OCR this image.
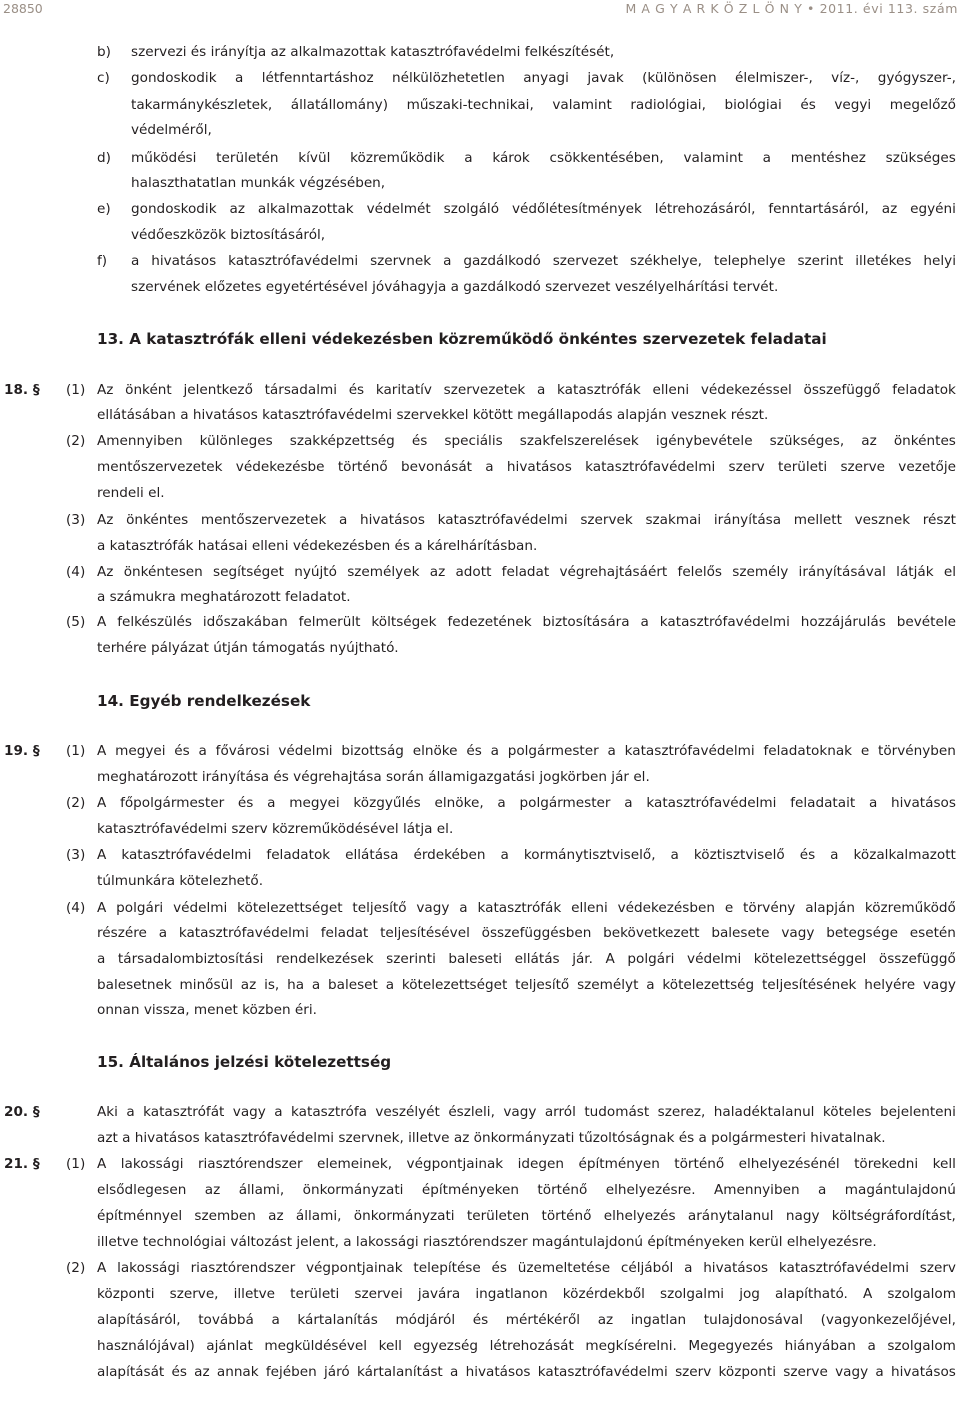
28850	M A G Y A R K Ö Z L Ö N Y • 2011. évi 113. szám
b) szervezi és irányítja az alkalmazottak katasztrófavédelmi felkészítését,
c) gondoskodik a létfenntartáshoz nélkülözhetetlen anyagi javak (különösen élelmiszer-, víz-, gyógyszer-,
takarmánykészletek, állatállomány) műszaki-technikai, valamint radiológiai, biológiai és vegyi megelőző
védelméről,
d) működési területén kívül közreműködik a károk csökkentésében, valamint a mentéshez szükséges
halaszthatatlan munkák végzésében,
e) gondoskodik az alkalmazottak védelmét szolgáló védőlétesítmények létrehozásáról, fenntartásáról, az egyéni
védőeszközök biztosításáról,
f) a hivatásos katasztrófavédelmi szervnek a gazdálkodó szervezet székhelye, telephelye szerint illetékes helyi
szervének előzetes egyetértésével jóváhagyja a gazdálkodó szervezet veszélyelhárítási tervét.
13. A katasztrófák elleni védekezésben közreműködő önkéntes szervezetek feladatai
18. § (1) Az önként jelentkező társadalmi és karitatív szervezetek a katasztrófák elleni védekezéssel összefüggő feladatok
ellátásában a hivatásos katasztrófavédelmi szervekkel kötött megállapodás alapján vesznek részt.
(2) Amennyiben különleges szakképzettség és speciális szakfelszerelések igénybevétele szükséges, az önkéntes
mentőszervezetek védekezésbe történő bevonását a hivatásos katasztrófavédelmi szerv területi szerve vezetője
rendeli el.
(3) Az önkéntes mentőszervezetek a hivatásos katasztrófavédelmi szervek szakmai irányítása mellett vesznek részt
a katasztrófák hatásai elleni védekezésben és a kárelhárításban.
(4) Az önkéntesen segítséget nyújtó személyek az adott feladat végrehajtásáért felelős személy irányításával látják el
a számukra meghatározott feladatot.
(5) A felkészülés időszakában felmerült költségek fedezetének biztosítására a katasztrófavédelmi hozzájárulás bevétele
terhére pályázat útján támogatás nyújtható.
14. Egyéb rendelkezések
19. § (1) A megyei és a fővárosi védelmi bizottság elnöke és a polgármester a katasztrófavédelmi feladatoknak e törvényben
meghatározott irányítása és végrehajtása során államigazgatási jogkörben jár el.
(2) A főpolgármester és a megyei közgyűlés elnöke, a polgármester a katasztrófavédelmi feladatait a hivatásos
katasztrófavédelmi szerv közreműködésével látja el.
(3) A katasztrófavédelmi feladatok ellátása érdekében a kormánytisztviselő, a köztisztviselő és a közalkalmazott
túlmunkára kötelezhető.
(4) A polgári védelmi kötelezettséget teljesítő vagy a katasztrófák elleni védekezésben e törvény alapján közreműködő
részére a katasztrófavédelmi feladat teljesítésével összefüggésben bekövetkezett balesete vagy betegsége esetén
a társadalombiztosítási rendelkezések szerinti baleseti ellátás jár. A polgári védelmi kötelezettséggel összefüggő
balesetnek minősül az is, ha a baleset a kötelezettséget teljesítő személyt a kötelezettség teljesítésének helyére vagy
onnan vissza, menet közben éri.
15. Általános jelzési kötelezettség
20. §	Aki a katasztrófát vagy a katasztrófa veszélyét észleli, vagy arról tudomást szerez, haladéktalanul köteles bejelenteni
azt a hivatásos katasztrófavédelmi szervnek, illetve az önkormányzati tűzoltóságnak és a polgármesteri hivatalnak.
21. § (1) A lakossági riasztórendszer elemeinek, végpontjainak idegen építményen történő elhelyezésénél törekedni kell
elsődlegesen az állami, önkormányzati építményeken történő elhelyezésre. Amennyiben a magántulajdonú
építménnyel szemben az állami, önkormányzati területen történő elhelyezés aránytalanul nagy költségráfordítást,
illetve technológiai változást jelent, a lakossági riasztórendszer magántulajdonú építményeken kerül elhelyezésre.
(2) A lakossági riasztórendszer végpontjainak telepítése és üzemeltetése céljából a hivatásos katasztrófavédelmi szerv
központi szerve, illetve területi szervei javára ingatlanon közérdekből szolgalmi jog alapítható. A szolgalom
alapításáról, továbbá a kártalanítás módjáról és mértékéről az ingatlan tulajdonosával (vagyonkezelőjével,
használójával) ajánlat megküldésével kell egyezség létrehozását megkísérelni. Megegyezés hiányában a szolgalom
alapítását és az annak fejében járó kártalanítást a hivatásos katasztrófavédelmi szerv központi szerve vagy a hivatásos
